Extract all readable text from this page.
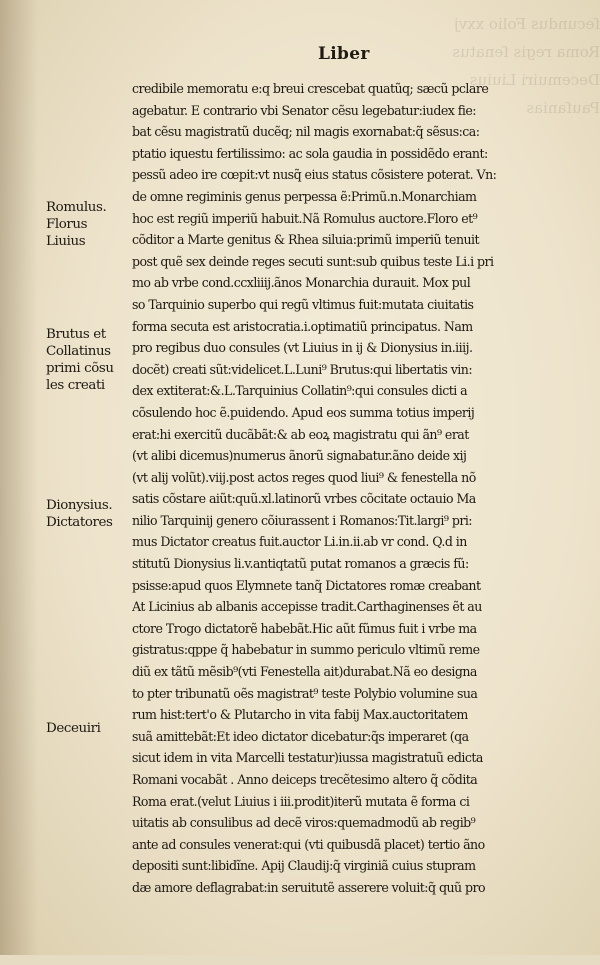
ſecundus Folio xxvj Roma regis ſenatus Decemuiri Liuius Pauſanias
Liber
credibile memoratu e:q breui crescebat quatũq; sæcũ pclare
agebatur. E contrario vbi Senator cẽsu legebatur:iudex fie:
bat cẽsu magistratũ ducẽq; nil magis exornabat:q̃ sẽsus:ca:
ptatio iquestu fertilissimo: ac sola gaudia in possidẽdo erant:
pessũ adeo ire cœpit:vt nusq̃ eius status cõsistere poterat. Vn:
de omne regiminis genus perpessa ẽ:Primũ.n.Monarchiam
hoc est regiũ imperiũ habuit.Nã Romulus auctore.Floro et⁹
cõditor a Marte genitus & Rhea siluia:primũ imperiũ tenuit
post quẽ sex deinde reges secuti sunt:sub quibus teste Li.i pri
mo ab vrbe cond.ccxliiij.ãnos Monarchia durauit. Mox pul
so Tarquinio superbo qui regũ vltimus fuit:mutata ciuitatis
forma secuta est aristocratia.i.optimatiũ principatus. Nam
pro regibus duo consules (vt Liuius in ij & Dionysius in.iiij.
docẽt) creati sũt:videlicet.L.Luni⁹ Brutus:qui libertatis vin:
dex extiterat:&.L.Tarquinius Collatin⁹:qui consules dicti a
cõsulendo hoc ẽ.puidendo. Apud eos summa totius imperij
erat:hi exercitũ ducãbãt:& ab eoꝝ magistratu qui ãn⁹ erat
(vt alibi dicemus)numerus ãnorũ signabatur.ãno deide xij
(vt alij volũt).viij.post actos reges quod liui⁹ & fenestella nõ
satis cõstare aiũt:quũ.xl.latinorũ vrbes cõcitate octauio Ma
nilio Tarquinij genero cõiurassent i Romanos:Tit.largi⁹ pri:
mus Dictator creatus fuit.auctor Li.in.ii.ab vr cond. Q.d in
stitutũ Dionysius li.v.antiqtatũ putat romanos a græcis fũ:
psisse:apud quos Elymnete tanq̃ Dictatores romæ creabant
At Licinius ab albanis accepisse tradit.Carthaginenses ẽt au
ctore Trogo dictatorẽ habebãt.Hic aũt fũmus fuit i vrbe ma
gistratus:qppe q̃ habebatur in summo periculo vltimũ reme
diũ ex tãtũ mẽsib⁹(vti Fenestella ait)durabat.Nã eo designa
to pter tribunatũ oẽs magistrat⁹ teste Polybio volumine sua
rum hist:tert'o & Plutarcho in vita fabij Max.auctoritatem
suã amittebãt:Et ideo dictator dicebatur:q̃s imperaret (qa
sicut idem in vita Marcelli testatur)iussa magistratuũ edicta
Romani vocabãt . Anno deiceps trecẽtesimo altero q̃ cõdita
Roma erat.(velut Liuius i iii.prodit)iterũ mutata ẽ forma ci
uitatis ab consulibus ad decẽ viros:quemadmodũ ab regib⁹
ante ad consules venerat:qui (vti quibusdã placet) tertio ãno
depositi sunt:libidĩne. Apij Claudij:q̃ virginiã cuius stupram
dæ amore deflagrabat:in seruitutẽ asserere voluit:q̃ quũ pro
Romulus.
Florus
Liuius
Brutus et
Collatinus
primi cõsu
les creati
Dionysius.
Dictatores
Deceuiri
